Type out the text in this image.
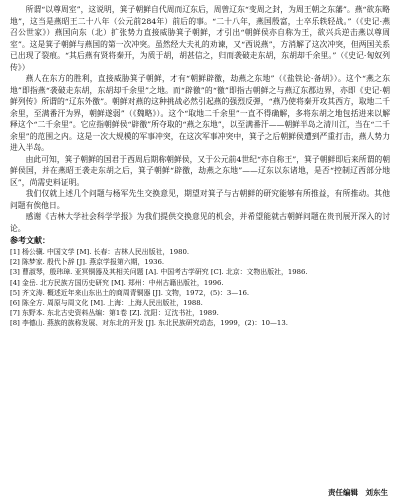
所谓“以尊周室”，这说明，箕子朝鲜自代周而辽东后，周曾辽东“变周之封，为周王朝之东藩”。燕“欲东略地”，这当是燕昭王二十八年（公元前284年）前后的事。“二十八年，燕国殷富，士卒乐轶轻战。”（《史记·燕召公世家》）燕国向东（北）扩张势力直接威胁箕子朝鲜，才引出“朝鲜侯亦自称为王，欲兴兵逆击燕以尊周室”。这是箕子朝鲜与燕国的第一次冲突。虽然经大夫礼的劝谏，又“西说燕”，方消解了这次冲突，但两国关系已出现了裂痕。“其后燕有贤将秦开，为质于胡，胡甚信之，归而袭破走东胡，东胡却千余里。”（《史记·匈奴列传》）

燕人在东方的胜利，直接威胁箕子朝鲜，才有“朝鲜辟徼，劫燕之东地”（《盐铁论·备胡》）。这个“燕之东地”即指燕“袭破走东胡，东胡却千余里”之地。而“辟徼”的“徼”即指古朝鲜之与燕辽东郡边界，亦即《史记·朝鲜列传》所谓的“辽东外徼”。朝鲜对燕的这种挑战必然引起燕的强烈反弹，“燕乃使将秦开攻其西方，取地二千余里，至满番汗为界，朝鲜遂弱”（《魏略》）。这个“取地二千余里”一直不得确解，多将东胡之地包括进来以解释这个“二千余里”。它应指朝鲜侯“辟徼”所夺取的“燕之东地”，以至满番汗——朝鲜半岛之清川江，当在“二千余里”的范围之内。这是一次大规模的军事冲突，在这次军事冲突中，箕子之后朝鲜侯遭到严重打击，燕人势力进入半岛。

由此可知，箕子朝鲜的国君于西周后期称朝鲜侯，又于公元前4世纪“亦自称王”，箕子朝鲜即后来所谓的朝鲜侯国，并在燕昭王袭走东胡之后，箕子朝鲜“辟徼，劫燕之东地”——辽东以东诸地，是否“控制辽西部分地区”，尚需史料证明。

我们仅就上述几个问题与杨军先生交换意见，期望对箕子与古朝鲜的研究能够有所推益，有所推动。其他问题有俟他日。

感谢《吉林大学社会科学学报》为我们提供交换意见的机会，并希望能就古朝鲜问题在贵刊展开深入的讨论。

参考文献：

[1] 杨公骥. 中国文学 [M]. 长春：吉林人民出版社，1980.

[2] 陈梦家. 殷代卜辞 [J]. 燕京学报第六期，1936.

[3] 曹淑琴，殷玮璋. 亚冥铜器及其相关问题 [A]. 中国考古学研究 [C]. 北京：文物出版社，1986.

[4] 金岳. 北方民族方国历史研究 [M]. 郑州：中州古籍出版社，1996.

[5] 齐文涛. 概述近年来山东出土的商周青铜器 [J]. 文物，1972，(5)：3—16.

[6] 陈全方. 周原与周文化 [M]. 上海：上海人民出版社，1988.

[7] 东野本. 东北古史资料丛编：第1卷 [Z]. 沈阳：辽沈书社，1989.

[8] 李德山. 燕族的族称发展、对东北的开发 [J]. 东北民族研究动态，1999，(2)：10—13.

责任编辑　刘东生
